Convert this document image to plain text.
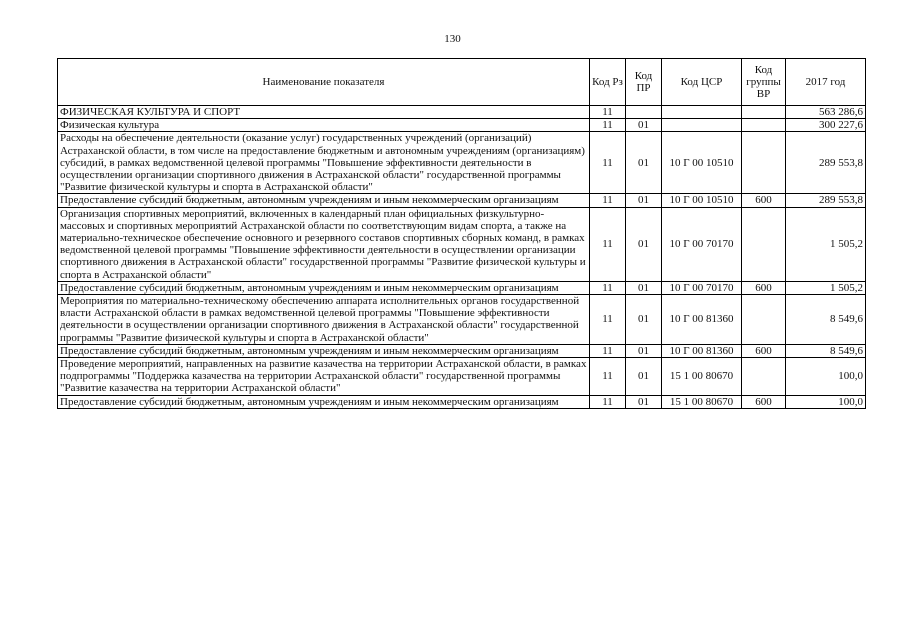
130
Наименование показателя	Код Рз	Код ПР	Код ЦСР	Код группы ВР	2017 год
ФИЗИЧЕСКАЯ КУЛЬТУРА И СПОРТ	11				563 286,6
Физическая культура	11	01			300 227,6
Расходы на обеспечение деятельности (оказание услуг) государственных учреждений (организаций) Астраханской области, в том числе на предоставление бюджетным и автономным учреждениям (организациям) субсидий, в рамках ведомственной целевой программы "Повышение эффективности деятельности в осуществлении организации спортивного движения в Астраханской области" государственной программы "Развитие физической культуры и спорта в Астраханской области"	11	01	10 Г 00 10510		289 553,8
Предоставление субсидий бюджетным, автономным учреждениям и иным некоммерческим организациям	11	01	10 Г 00 10510	600	289 553,8
Организация спортивных мероприятий, включенных в календарный план официальных физкультурно-массовых и спортивных мероприятий Астраханской области по соответствующим видам спорта, а также на материально-техническое обеспечение основного и резервного составов спортивных сборных команд, в рамках ведомственной целевой программы "Повышение эффективности деятельности в осуществлении организации спортивного движения в Астраханской области" государственной программы "Развитие физической культуры и спорта в Астраханской области"	11	01	10 Г 00 70170		1 505,2
Предоставление субсидий бюджетным, автономным учреждениям и иным некоммерческим организациям	11	01	10 Г 00 70170	600	1 505,2
Мероприятия по материально-техническому обеспечению аппарата исполнительных органов государственной власти Астраханской области в рамках ведомственной целевой программы "Повышение эффективности деятельности в осуществлении организации спортивного движения в Астраханской области" государственной программы "Развитие физической культуры и спорта в Астраханской области"	11	01	10 Г 00 81360		8 549,6
Предоставление субсидий бюджетным, автономным учреждениям и иным некоммерческим организациям	11	01	10 Г 00 81360	600	8 549,6
Проведение мероприятий, направленных на развитие казачества на территории Астраханской области, в рамках подпрограммы "Поддержка казачества на территории Астраханской области" государственной программы "Развитие казачества на территории Астраханской области"	11	01	15 1 00 80670		100,0
Предоставление субсидий бюджетным, автономным учреждениям и иным некоммерческим организациям	11	01	15 1 00 80670	600	100,0
